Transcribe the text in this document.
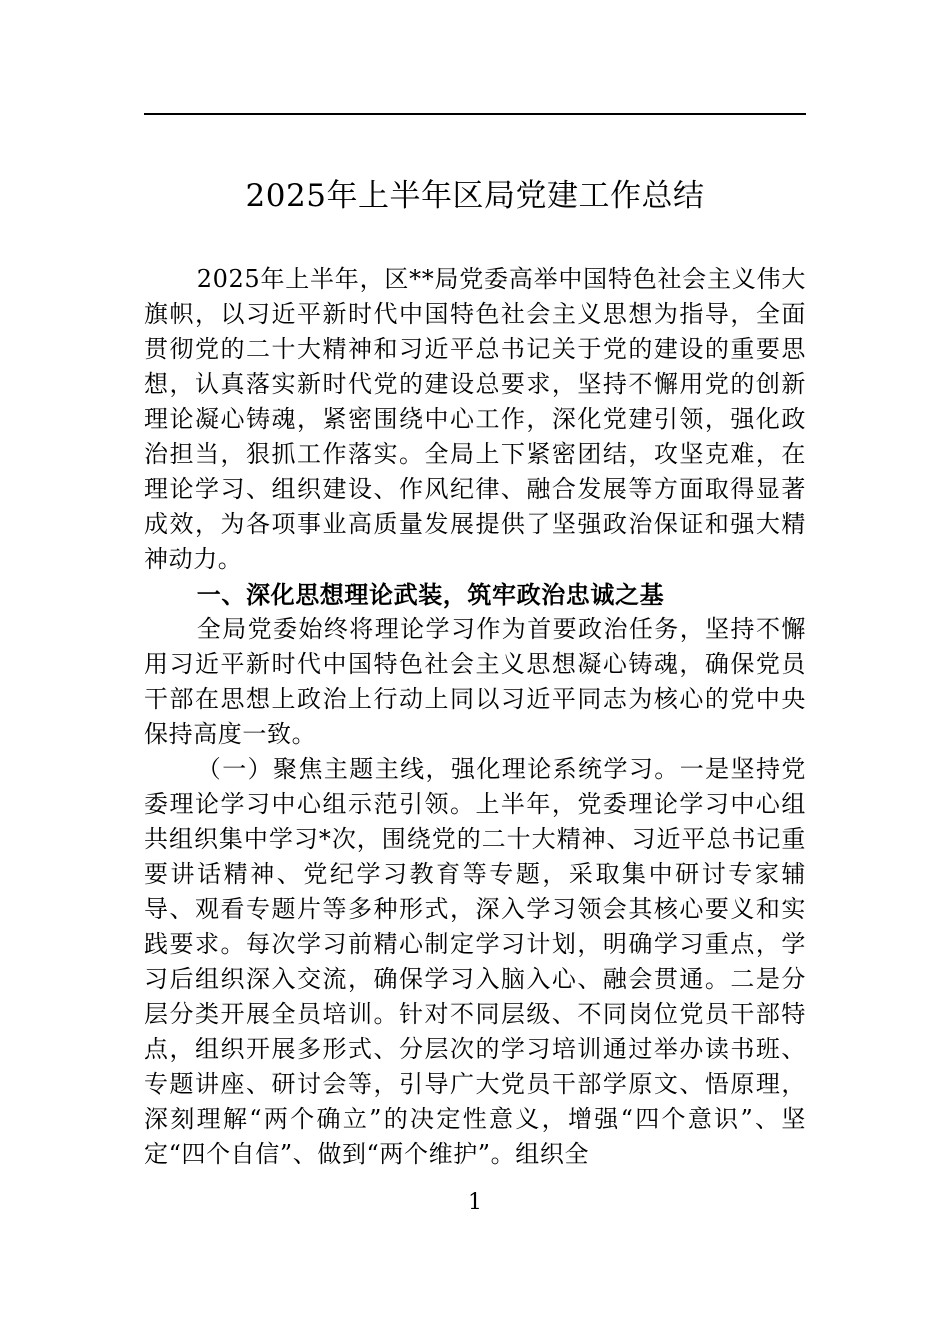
2025年上半年区局党建工作总结

2025年上半年，区**局党委高举中国特色社会主义伟大旗帜，以习近平新时代中国特色社会主义思想为指导，全面贯彻党的二十大精神和习近平总书记关于党的建设的重要思想，认真落实新时代党的建设总要求，坚持不懈用党的创新理论凝心铸魂，紧密围绕中心工作，深化党建引领，强化政治担当，狠抓工作落实。全局上下紧密团结，攻坚克难，在理论学习、组织建设、作风纪律、融合发展等方面取得显著成效，为各项事业高质量发展提供了坚强政治保证和强大精神动力。

一、深化思想理论武装，筑牢政治忠诚之基

全局党委始终将理论学习作为首要政治任务，坚持不懈用习近平新时代中国特色社会主义思想凝心铸魂，确保党员干部在思想上政治上行动上同以习近平同志为核心的党中央保持高度一致。

（一）聚焦主题主线，强化理论系统学习。一是坚持党委理论学习中心组示范引领。上半年，党委理论学习中心组共组织集中学习*次，围绕党的二十大精神、习近平总书记重要讲话精神、党纪学习教育等专题，采取集中研讨专家辅导、观看专题片等多种形式，深入学习领会其核心要义和实践要求。每次学习前精心制定学习计划，明确学习重点，学习后组织深入交流，确保学习入脑入心、融会贯通。二是分层分类开展全员培训。针对不同层级、不同岗位党员干部特点，组织开展多形式、分层次的学习培训通过举办读书班、专题讲座、研讨会等，引导广大党员干部学原文、悟原理，深刻理解“两个确立”的决定性意义，增强“四个意识”、坚定“四个自信”、做到“两个维护”。组织全

1
